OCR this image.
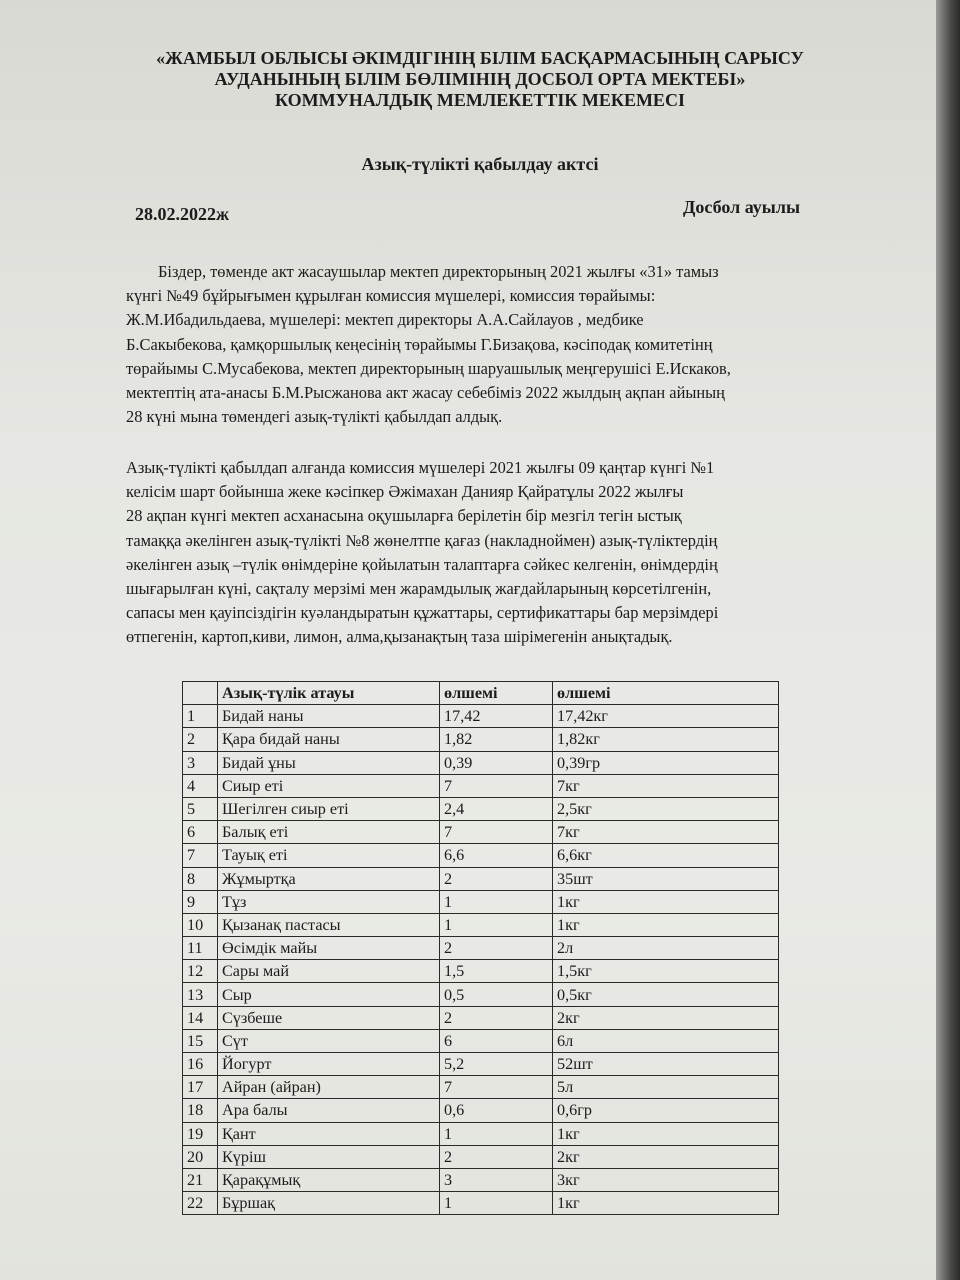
«ЖАМБЫЛ ОБЛЫСЫ ӘКІМДІГІНІҢ БІЛІМ БАСҚАРМАСЫНЫҢ САРЫСУ
АУДАНЫНЫҢ БІЛІМ БӨЛІМІНІҢ ДОСБОЛ ОРТА МЕКТЕБІ»
КОММУНАЛДЫҚ МЕМЛЕКЕТТІК МЕКЕМЕСІ
Азық-түлікті қабылдау актсі
28.02.2022ж	Досбол ауылы
Біздер, төменде акт жасаушылар мектеп директорының 2021 жылғы «31» тамыз
күнгі №49 бұйрығымен құрылған комиссия мүшелері, комиссия төрайымы:
Ж.М.Ибадильдаева, мүшелері: мектеп директоры А.А.Сайлауов , медбике
Б.Сакыбекова, қамқоршылық кеңесінің төрайымы Г.Бизақова, кәсіподақ комитетінң
төрайымы С.Мусабекова, мектеп директорының шаруашылық меңгерушісі Е.Искаков,
мектептің ата-анасы Б.М.Рысжанова акт жасау себебіміз 2022 жылдың ақпан айының
28 күні мына төмендегі азық-түлікті қабылдап алдық.
Азық-түлікті қабылдап алғанда комиссия мүшелері 2021 жылғы 09 қаңтар күнгі №1
келісім шарт бойынша жеке кәсіпкер Әжімахан Данияр Қайратұлы 2022 жылғы
28 ақпан күнгі мектеп асханасына оқушыларға берілетін бір мезгіл тегін ыстық
тамаққа әкелінген азық-түлікті №8 жөнелтпе қағаз (накладноймен) азық-түліктердің
әкелінген азық –түлік өнімдеріне қойылатын талаптарға сәйкес келгенін, өнімдердің
шығарылған күні, сақталу мерзімі мен жарамдылық жағдайларының көрсетілгенін,
сапасы мен қауіпсіздігін куәландыратын құжаттары, сертификаттары бар мерзімдері
өтпегенін, картоп,киви, лимон, алма,қызанақтың таза шірімегенін анықтадық.
	Азық-түлік атауы	өлшемі	өлшемі
1	Бидай наны	17,42	17,42кг
2	Қара бидай наны	1,82	1,82кг
3	Бидай ұны	0,39	0,39гр
4	Сиыр еті	7	7кг
5	Шегілген сиыр еті	2,4	2,5кг
6	Балық еті	7	7кг
7	Тауық еті	6,6	6,6кг
8	Жұмыртқа	2	35шт
9	Тұз	1	1кг
10	Қызанақ пастасы	1	1кг
11	Өсімдік майы	2	2л
12	Сары май	1,5	1,5кг
13	Сыр	0,5	0,5кг
14	Сүзбеше	2	2кг
15	Сүт	6	6л
16	Йогурт	5,2	52шт
17	Айран (айран)	7	5л
18	Ара балы	0,6	0,6гр
19	Қант	1	1кг
20	Күріш	2	2кг
21	Қарақұмық	3	3кг
22	Бұршақ	1	1кг
